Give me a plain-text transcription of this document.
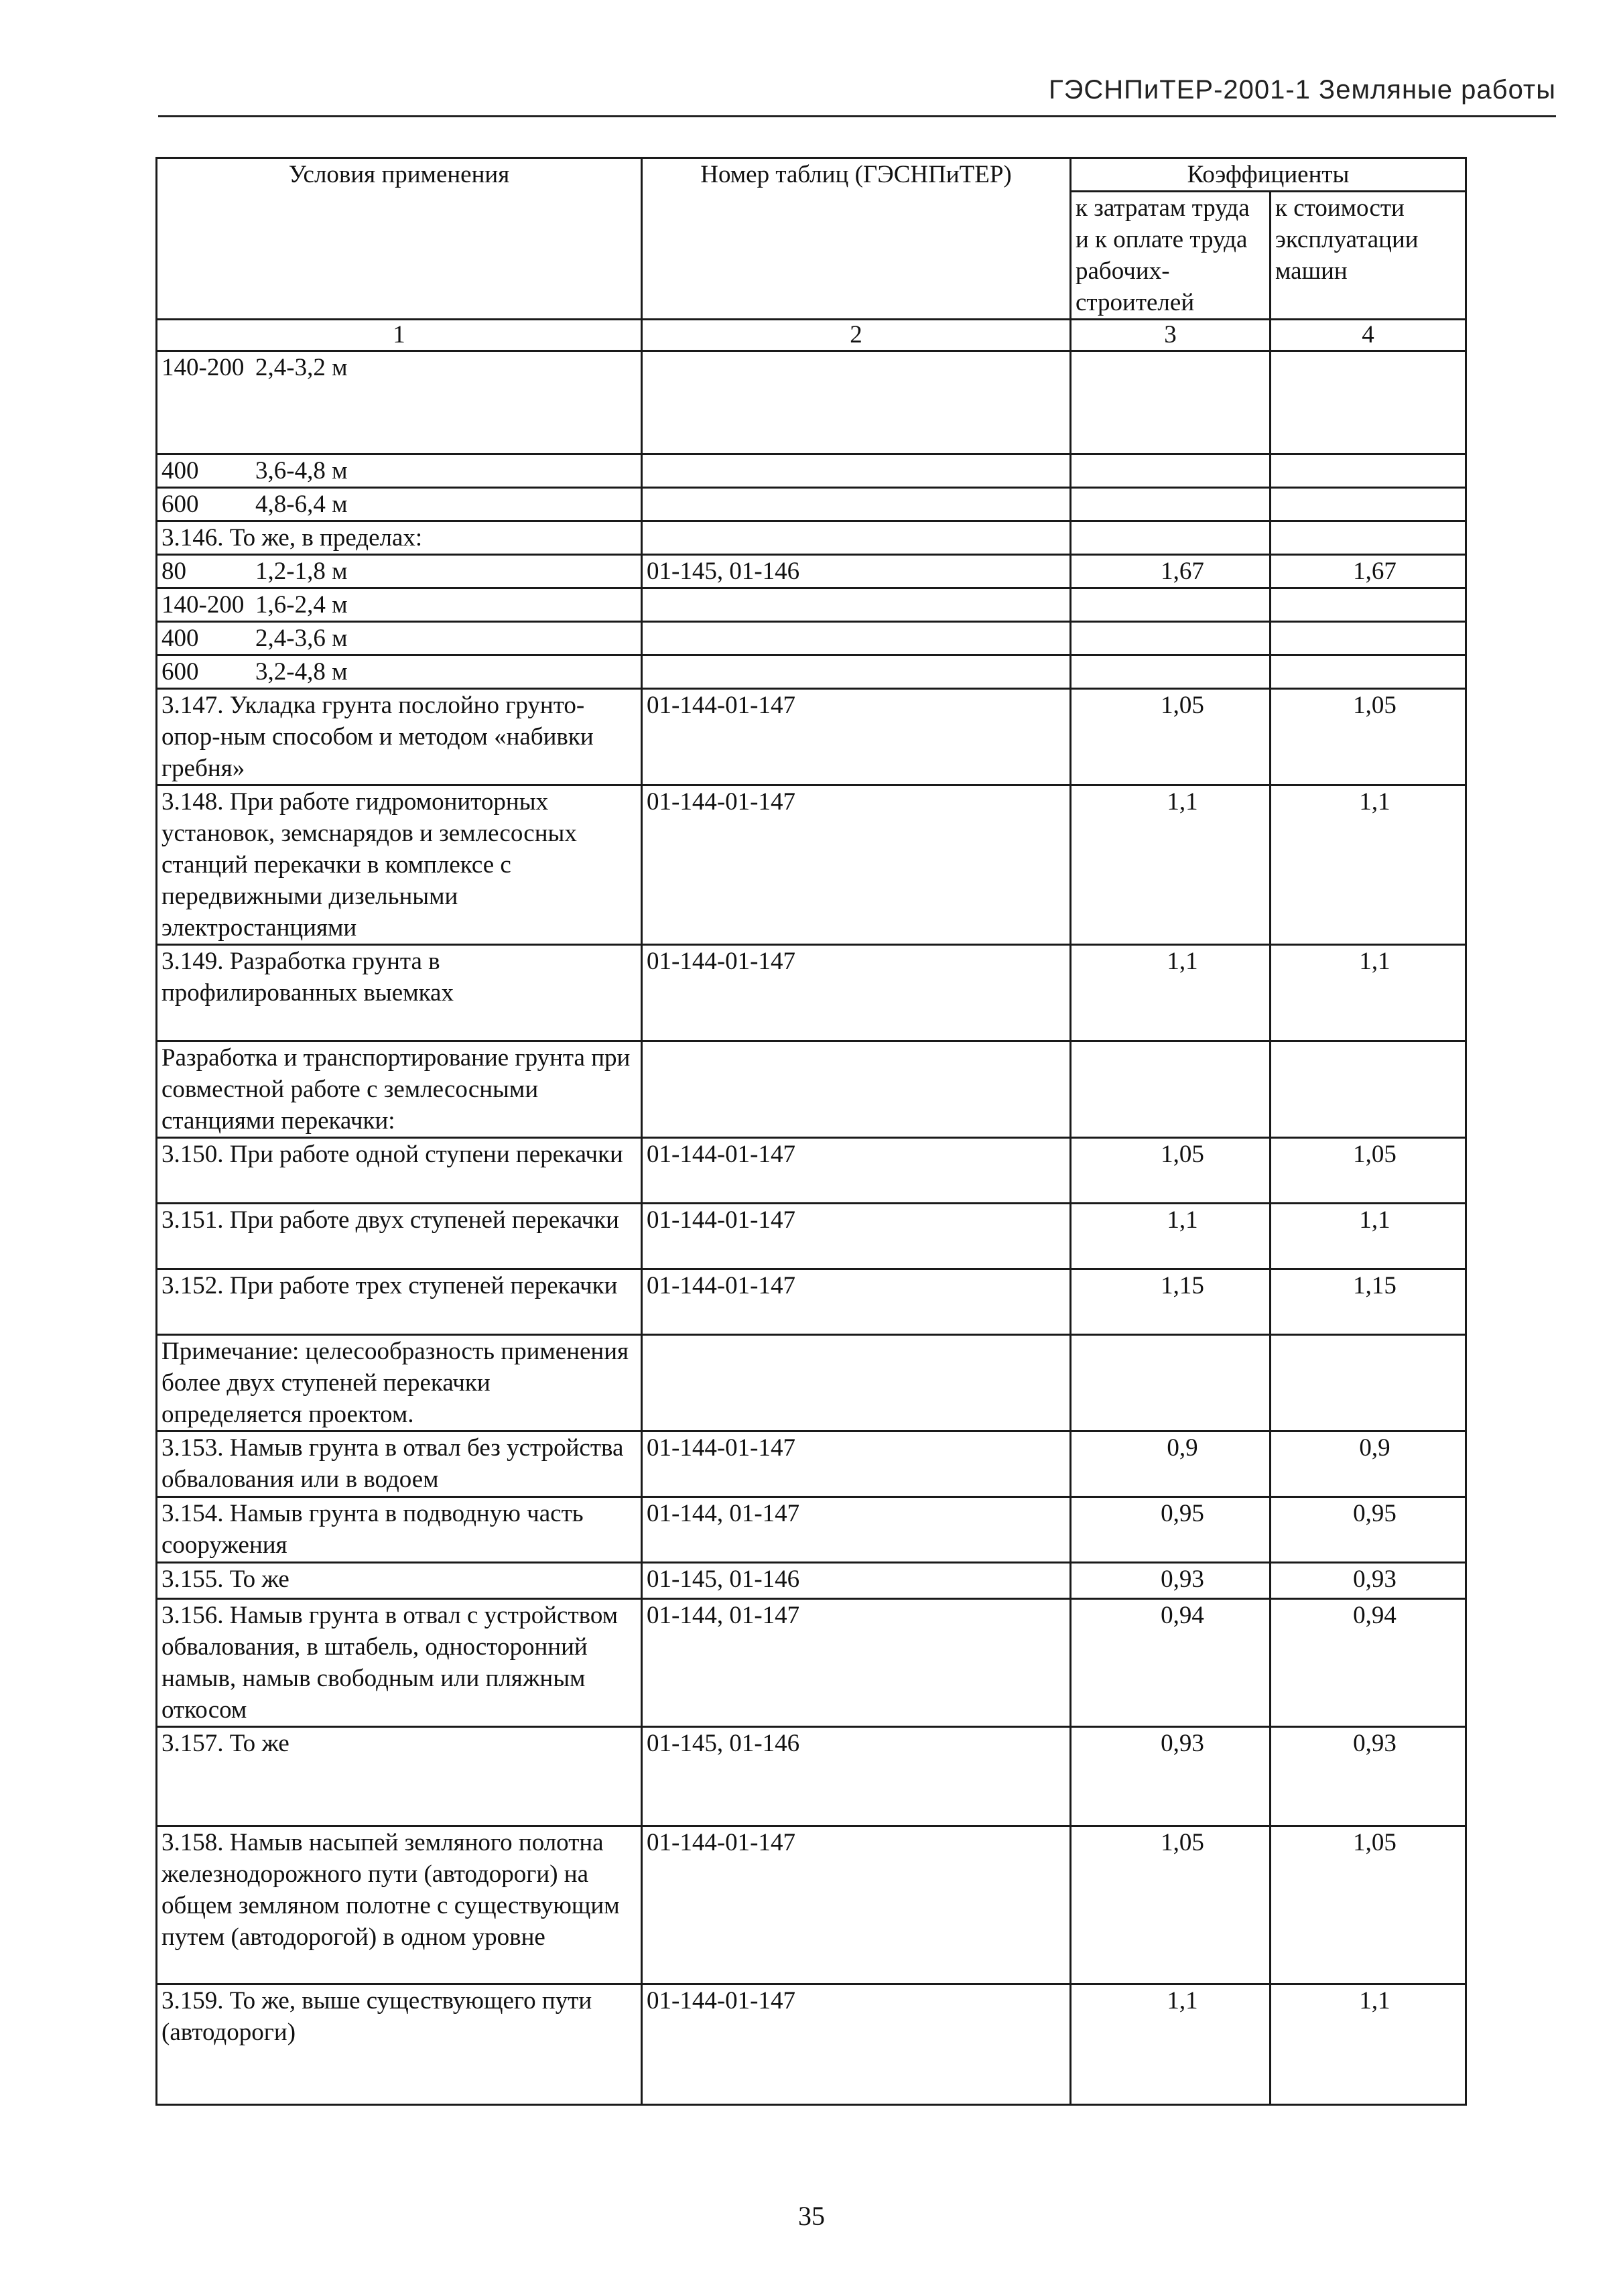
ГЭСНПиТЕР-2001-1 Земляные работы
Условия применения	Номер таблиц (ГЭСНПиТЕР)	Коэффициенты	
		к затратам труда и к оплате труда рабочих-строителей	к стоимости эксплуатации машин
1	2	3	4
140-200 2,4-3,2 м			
400 3,6-4,8 м			
600 4,8-6,4 м			
3.146. То же, в пределах:			
80 1,2-1,8 м	01-145, 01-146	1,67	1,67
140-200 1,6-2,4 м			
400 2,4-3,6 м			
600 3,2-4,8 м			
3.147. Укладка грунта послойно грунто-опор-ным способом и методом «набивки гребня»	01-144-01-147	1,05	1,05
3.148. При работе гидромониторных установок, земснарядов и землесосных станций перекачки в комплексе с передвижными дизельными электростанциями	01-144-01-147	1,1	1,1
3.149. Разработка грунта в профилированных выемках	01-144-01-147	1,1	1,1
Разработка и транспортирование грунта при совместной работе с землесосными станциями перекачки:			
3.150. При работе одной ступени перекачки	01-144-01-147	1,05	1,05
3.151. При работе двух ступеней перекачки	01-144-01-147	1,1	1,1
3.152. При работе трех ступеней перекачки	01-144-01-147	1,15	1,15
Примечание: целесообразность применения более двух ступеней перекачки определяется проектом.			
3.153. Намыв грунта в отвал без устройства обвалования или в водоем	01-144-01-147	0,9	0,9
3.154. Намыв грунта в подводную часть сооружения	01-144, 01-147	0,95	0,95
3.155. То же	01-145, 01-146	0,93	0,93
3.156. Намыв грунта в отвал с устройством обвалования, в штабель, односторонний намыв, намыв свободным или пляжным откосом	01-144, 01-147	0,94	0,94
3.157. То же	01-145, 01-146	0,93	0,93
3.158. Намыв насыпей земляного полотна железнодорожного пути (автодороги) на общем земляном полотне с существующим путем (автодорогой) в одном уровне	01-144-01-147	1,05	1,05
3.159. То же, выше существующего пути (автодороги)	01-144-01-147	1,1	1,1
35
